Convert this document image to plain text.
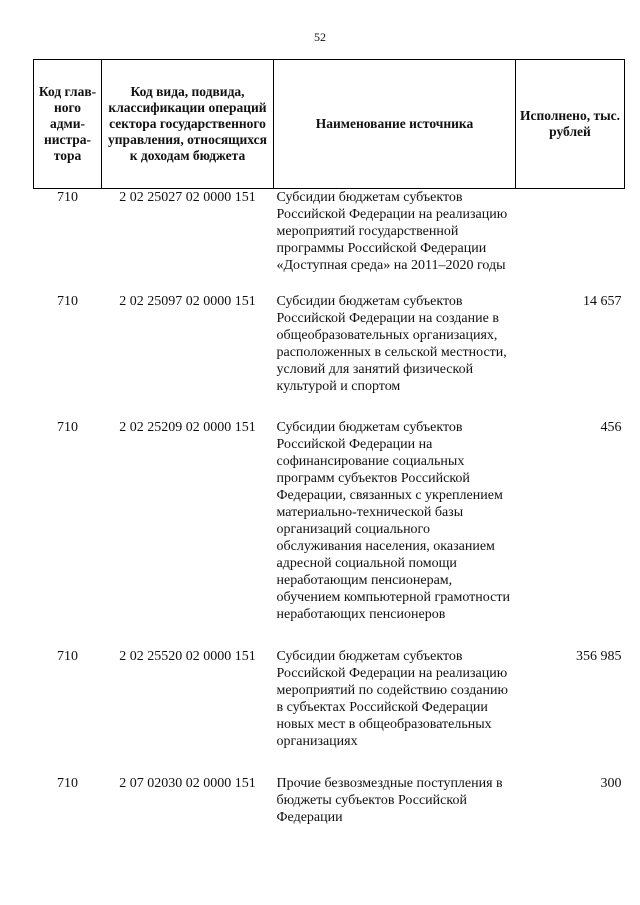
52
Код глав-ного адми-нистра-тора	Код вида, подвида, классификации операций сектора государственного управления, относящихся к доходам бюджета	Наименование источника	Исполнено, тыс. рублей
710	2 02 25027 02 0000 151	Субсидии бюджетам субъектов Российской Федерации на реализацию мероприятий государственной программы Российской Федерации «Доступная среда» на 2011–2020 годы	
710	2 02 25097 02 0000 151	Субсидии бюджетам субъектов Российской Федерации на создание в общеобразовательных организациях, расположенных в сельской местности, условий для занятий физической культурой и спортом	14 657
710	2 02 25209 02 0000 151	Субсидии бюджетам субъектов Российской Федерации на софинансирование социальных программ субъектов Российской Федерации, связанных с укреплением материально-технической базы организаций социального обслуживания населения, оказанием адресной социальной помощи неработающим пенсионерам, обучением компьютерной грамотности неработающих пенсионеров	456
710	2 02 25520 02 0000 151	Субсидии бюджетам субъектов Российской Федерации на реализацию мероприятий по содействию созданию в субъектах Российской Федерации новых мест в общеобразовательных организациях	356 985
710	2 07 02030 02 0000 151	Прочие безвозмездные поступления в бюджеты субъектов Российской Федерации	300
